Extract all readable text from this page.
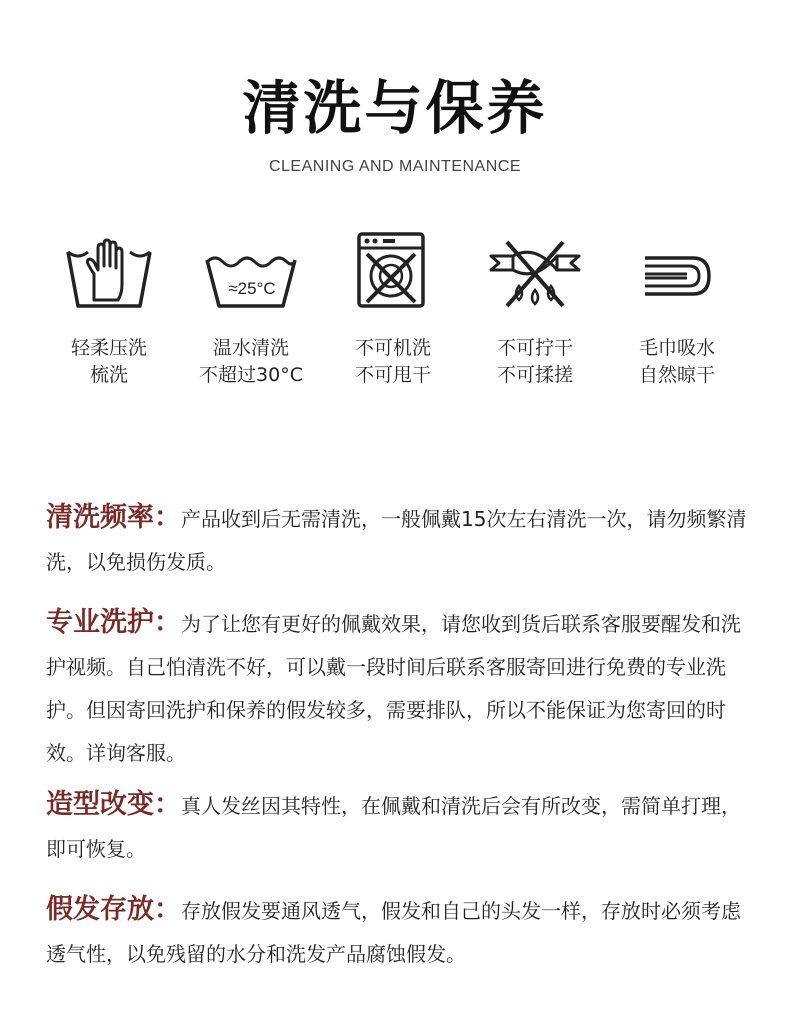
清洗与保养
CLEANING AND MAINTENANCE
轻柔压洗
梳洗
≈25°C
温水清洗
不超过30°C
不可机洗
不可甩干
不可拧干
不可揉搓
毛巾吸水
自然晾干
清洗频率：产品收到后无需清洗，一般佩戴15次左右清洗一次，请勿频繁清洗，以免损伤发质。
专业洗护：为了让您有更好的佩戴效果，请您收到货后联系客服要醒发和洗护视频。自己怕清洗不好，可以戴一段时间后联系客服寄回进行免费的专业洗护。但因寄回洗护和保养的假发较多，需要排队，所以不能保证为您寄回的时效。详询客服。
造型改变：真人发丝因其特性，在佩戴和清洗后会有所改变，需简单打理，即可恢复。
假发存放：存放假发要通风透气，假发和自己的头发一样，存放时必须考虑透气性，以免残留的水分和洗发产品腐蚀假发。
